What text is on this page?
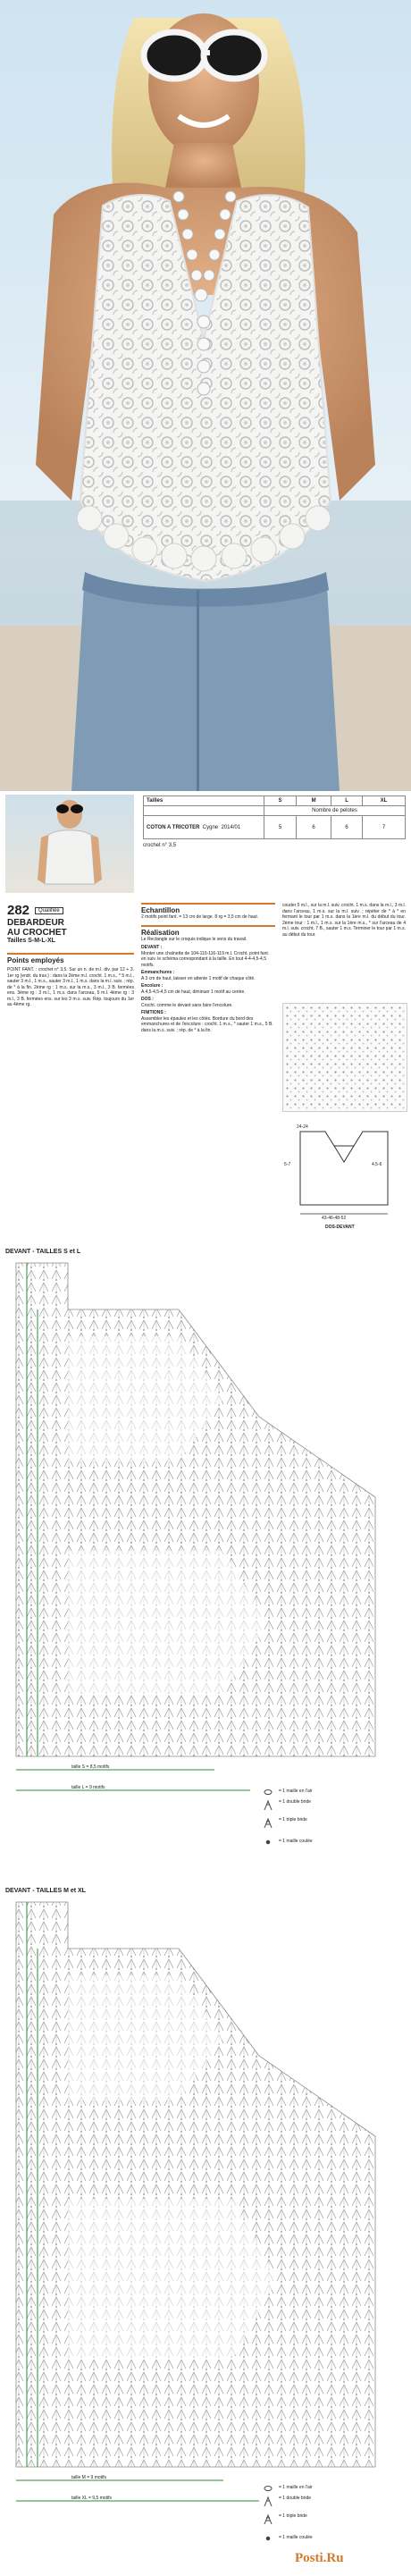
Tailles	S	M	L	XL
	Nombre de pelotes			
COTON A TRICOTER Cygne 2014/01	5	6	6	7
crochet n° 3,5
282	Qualifiée
DEBARDEUR
AU CROCHET
Tailles S-M-L-XL
Points employés
POINT FANT. : crochet n° 3,5. Sur un n. de m.l. div. par 12 + 3. 1er rg (endr. du trav.) : dans la 2ème m.l. crocht. 1 m.s., * 5 m.l., sauter 3 m.l., 1 m.s., sauter 3 m.l., 1 m.s. dans la m.l. suiv. ; rép. de * à la fin. 2ème rg : 1 m.s. sur la m.s., 3 m.l., 3 B. fermées ens. 3ème rg : 3 m.l., 1 m.s. dans l'arceau, 5 m.l. 4ème rg : 3 m.l., 3 B. fermées ens. sur les 3 m.s. suiv. Rép. toujours du 1er au 4ème rg.
Echantillon
2 motifs point fant. = 13 cm de large. 8 rg = 3,5 cm de haut.
Réalisation
Le Rectangle sur le croquis indique le sens du travail.
DEVANT :
Monter une chaînette de 104-110-116-119 m.l. Crocht. point fant. en suiv. le schéma correspondant à la taille. En tout 4-4-4,5-4,5 motifs.
Emmanchures :
A 3 cm de haut, laisser en attente 1 motif de chaque côté.
Encolure :
A 4,5-4,5-4,5 cm de haut, diminuer 1 motif au centre.
DOS :
Crocht. comme le devant sans faire l'encolure.
FINITIONS :
Assembler les épaules et les côtés. Bordure du bord des emmanchures et de l'encolure : crocht. 1 m.s., * sauter 1 m.s., 5 B. dans la m.s. suiv. ; rép. de * à la fin.
couder 5 m.l., sur la m.l. suiv. crocht. 1 m.s. dans la m.l., 3 m.l. dans l'arceau, 1 m.s. sur la m.l. suiv. ; répéter de * à * en fermant le tour par 1 m.s. dans la 1ère m.l. du début du tour. 2ème tour : 1 m.l., 1 m.s. sur la 1ère m.s., * sur l'arceau de 4 m.l. suiv. crocht. 7 B., sauter 1 m.s. Terminer le tour par 1 m.s. au début du tour.
24-24
4,5-6
5-7
43-46-48-52
DOS-DEVANT
DEVANT - TAILLES S et L
taille S = 8,5 motifs
taille L = 9 motifs
= 1 maille en l'air
= 1 double bride
= 1 triple bride
= 1 maille coulée
DEVANT - TAILLES M et XL
taille M = 9 motifs
taille XL = 9,5 motifs
= 1 maille en l'air
= 1 double bride
= 1 triple bride
= 1 maille coulée
Posti.Ru
